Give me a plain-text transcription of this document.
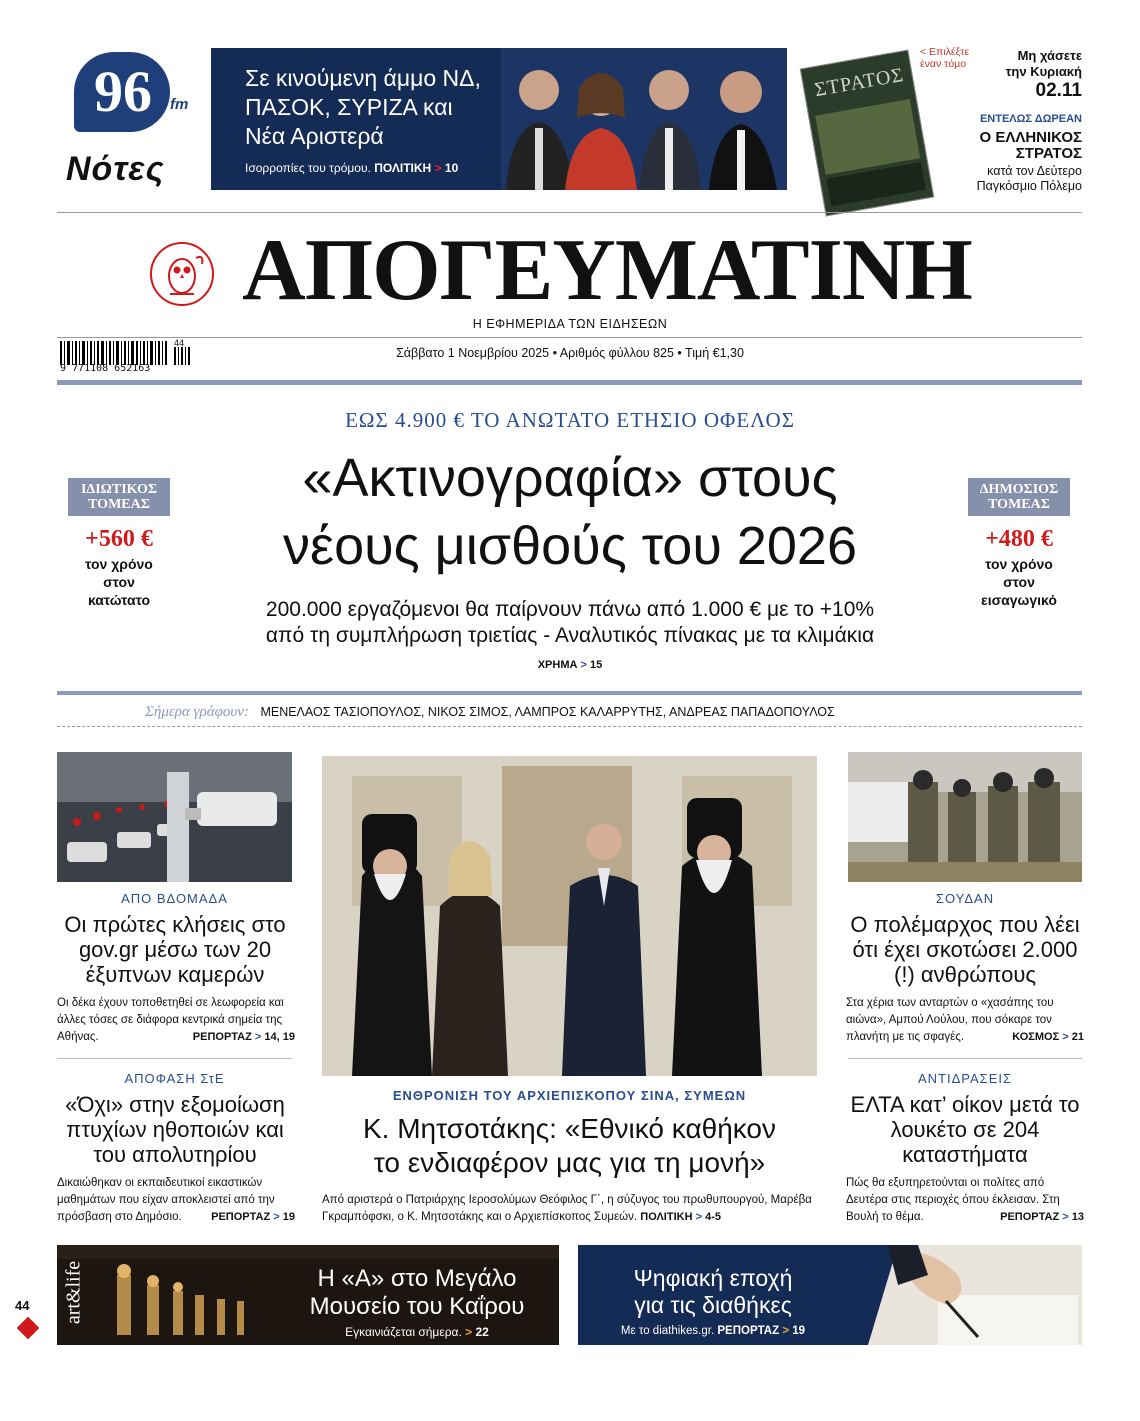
96	fm
Νότες
Σε κινούμενη άμμο ΝΔ, ΠΑΣΟΚ, ΣΥΡΙΖΑ και Νέα Αριστερά
Ισορροπίες του τρόμου. ΠΟΛΙΤΙΚΗ > 10
ΣΤΡΑΤΟΣ
< Επιλέξτε έναν τόμο
Μη χάσετε την Κυριακή
02.11
ΕΝΤΕΛΩΣ ΔΩΡΕΑΝ
Ο ΕΛΛΗΝΙΚΟΣ ΣΤΡΑΤΟΣ
κατά τον Δεύτερο Παγκόσμιο Πόλεμο
ΑΠΟΓΕΥΜΑΤΙΝΗ
Η ΕΦΗΜΕΡΙΔΑ ΤΩΝ ΕΙΔΗΣΕΩΝ
9 771108 652163
44
Σάββατο 1 Νοεμβρίου 2025 • Αριθμός φύλλου 825 • Τιμή €1,30
ΕΩΣ 4.900 € ΤΟ ΑΝΩΤΑΤΟ ΕΤΗΣΙΟ ΟΦΕΛΟΣ
«Ακτινογραφία» στους
νέους μισθούς του 2026
200.000 εργαζόμενοι θα παίρνουν πάνω από 1.000 € με το +10%
από τη συμπλήρωση τριετίας - Αναλυτικός πίνακας με τα κλιμάκια
ΧΡΗΜΑ > 15
ΙΔΙΩΤΙΚΟΣ
ΤΟΜΕΑΣ
+560 €
τον χρόνο
στον
κατώτατο
ΔΗΜΟΣΙΟΣ
ΤΟΜΕΑΣ
+480 €
τον χρόνο
στον
εισαγωγικό
Σήμερα γράφουν: ΜΕΝΕΛΑΟΣ ΤΑΣΙΟΠΟΥΛΟΣ, ΝΙΚΟΣ ΣΙΜΟΣ, ΛΑΜΠΡΟΣ ΚΑΛΑΡΡΥΤΗΣ, ΑΝΔΡΕΑΣ ΠΑΠΑΔΟΠΟΥΛΟΣ
ΑΠΟ ΒΔΟΜΑΔΑ
Οι πρώτες κλήσεις στο gov.gr μέσω των 20 έξυπνων καμερών
Οι δέκα έχουν τοποθετηθεί σε λεωφορεία και άλλες τόσες σε διάφορα κεντρικά σημεία της Αθήνας.	ΡΕΠΟΡΤΑΖ > 14, 19
ΑΠΟΦΑΣΗ ΣτΕ
«Όχι» στην εξομοίωση πτυχίων ηθοποιών και του απολυτηρίου
Δικαιώθηκαν οι εκπαιδευτικοί εικαστικών μαθημάτων που είχαν αποκλειστεί από την πρόσβαση στο Δημόσιο.	ΡΕΠΟΡΤΑΖ > 19
ΕΝΘΡΟΝΙΣΗ ΤΟΥ ΑΡΧΙΕΠΙΣΚΟΠΟΥ ΣΙΝΑ, ΣΥΜΕΩΝ
Κ. Μητσοτάκης: «Εθνικό καθήκον
το ενδιαφέρον μας για τη μονή»
Από αριστερά ο Πατριάρχης Ιεροσολύμων Θεόφιλος Γ΄, η σύζυγος του πρωθυπουργού, Μαρέβα Γκραμπόφσκι, ο Κ. Μητσοτάκης και ο Αρχιεπίσκοπος Συμεών. ΠΟΛΙΤΙΚΗ > 4-5
ΣΟΥΔΑΝ
Ο πολέμαρχος που λέει ότι έχει σκοτώσει 2.000 (!) ανθρώπους
Στα χέρια των ανταρτών ο «χασάπης του αιώνα», Αμπού Λούλου, που σόκαρε τον πλανήτη με τις σφαγές.	ΚΟΣΜΟΣ > 21
ΑΝΤΙΔΡΑΣΕΙΣ
ΕΛΤΑ κατ’ οίκον μετά το λουκέτο σε 204 καταστήματα
Πώς θα εξυπηρετούνται οι πολίτες από Δευτέρα στις περιοχές όπου έκλεισαν. Στη Βουλή το θέμα.	ΡΕΠΟΡΤΑΖ > 13
art&life	Η «Α» στο Μεγάλο
Μουσείο του Καΐρου
Εγκαινιάζεται σήμερα. > 22
Ψηφιακή εποχή
για τις διαθήκες
Με το diathikes.gr. ΡΕΠΟΡΤΑΖ > 19
44
